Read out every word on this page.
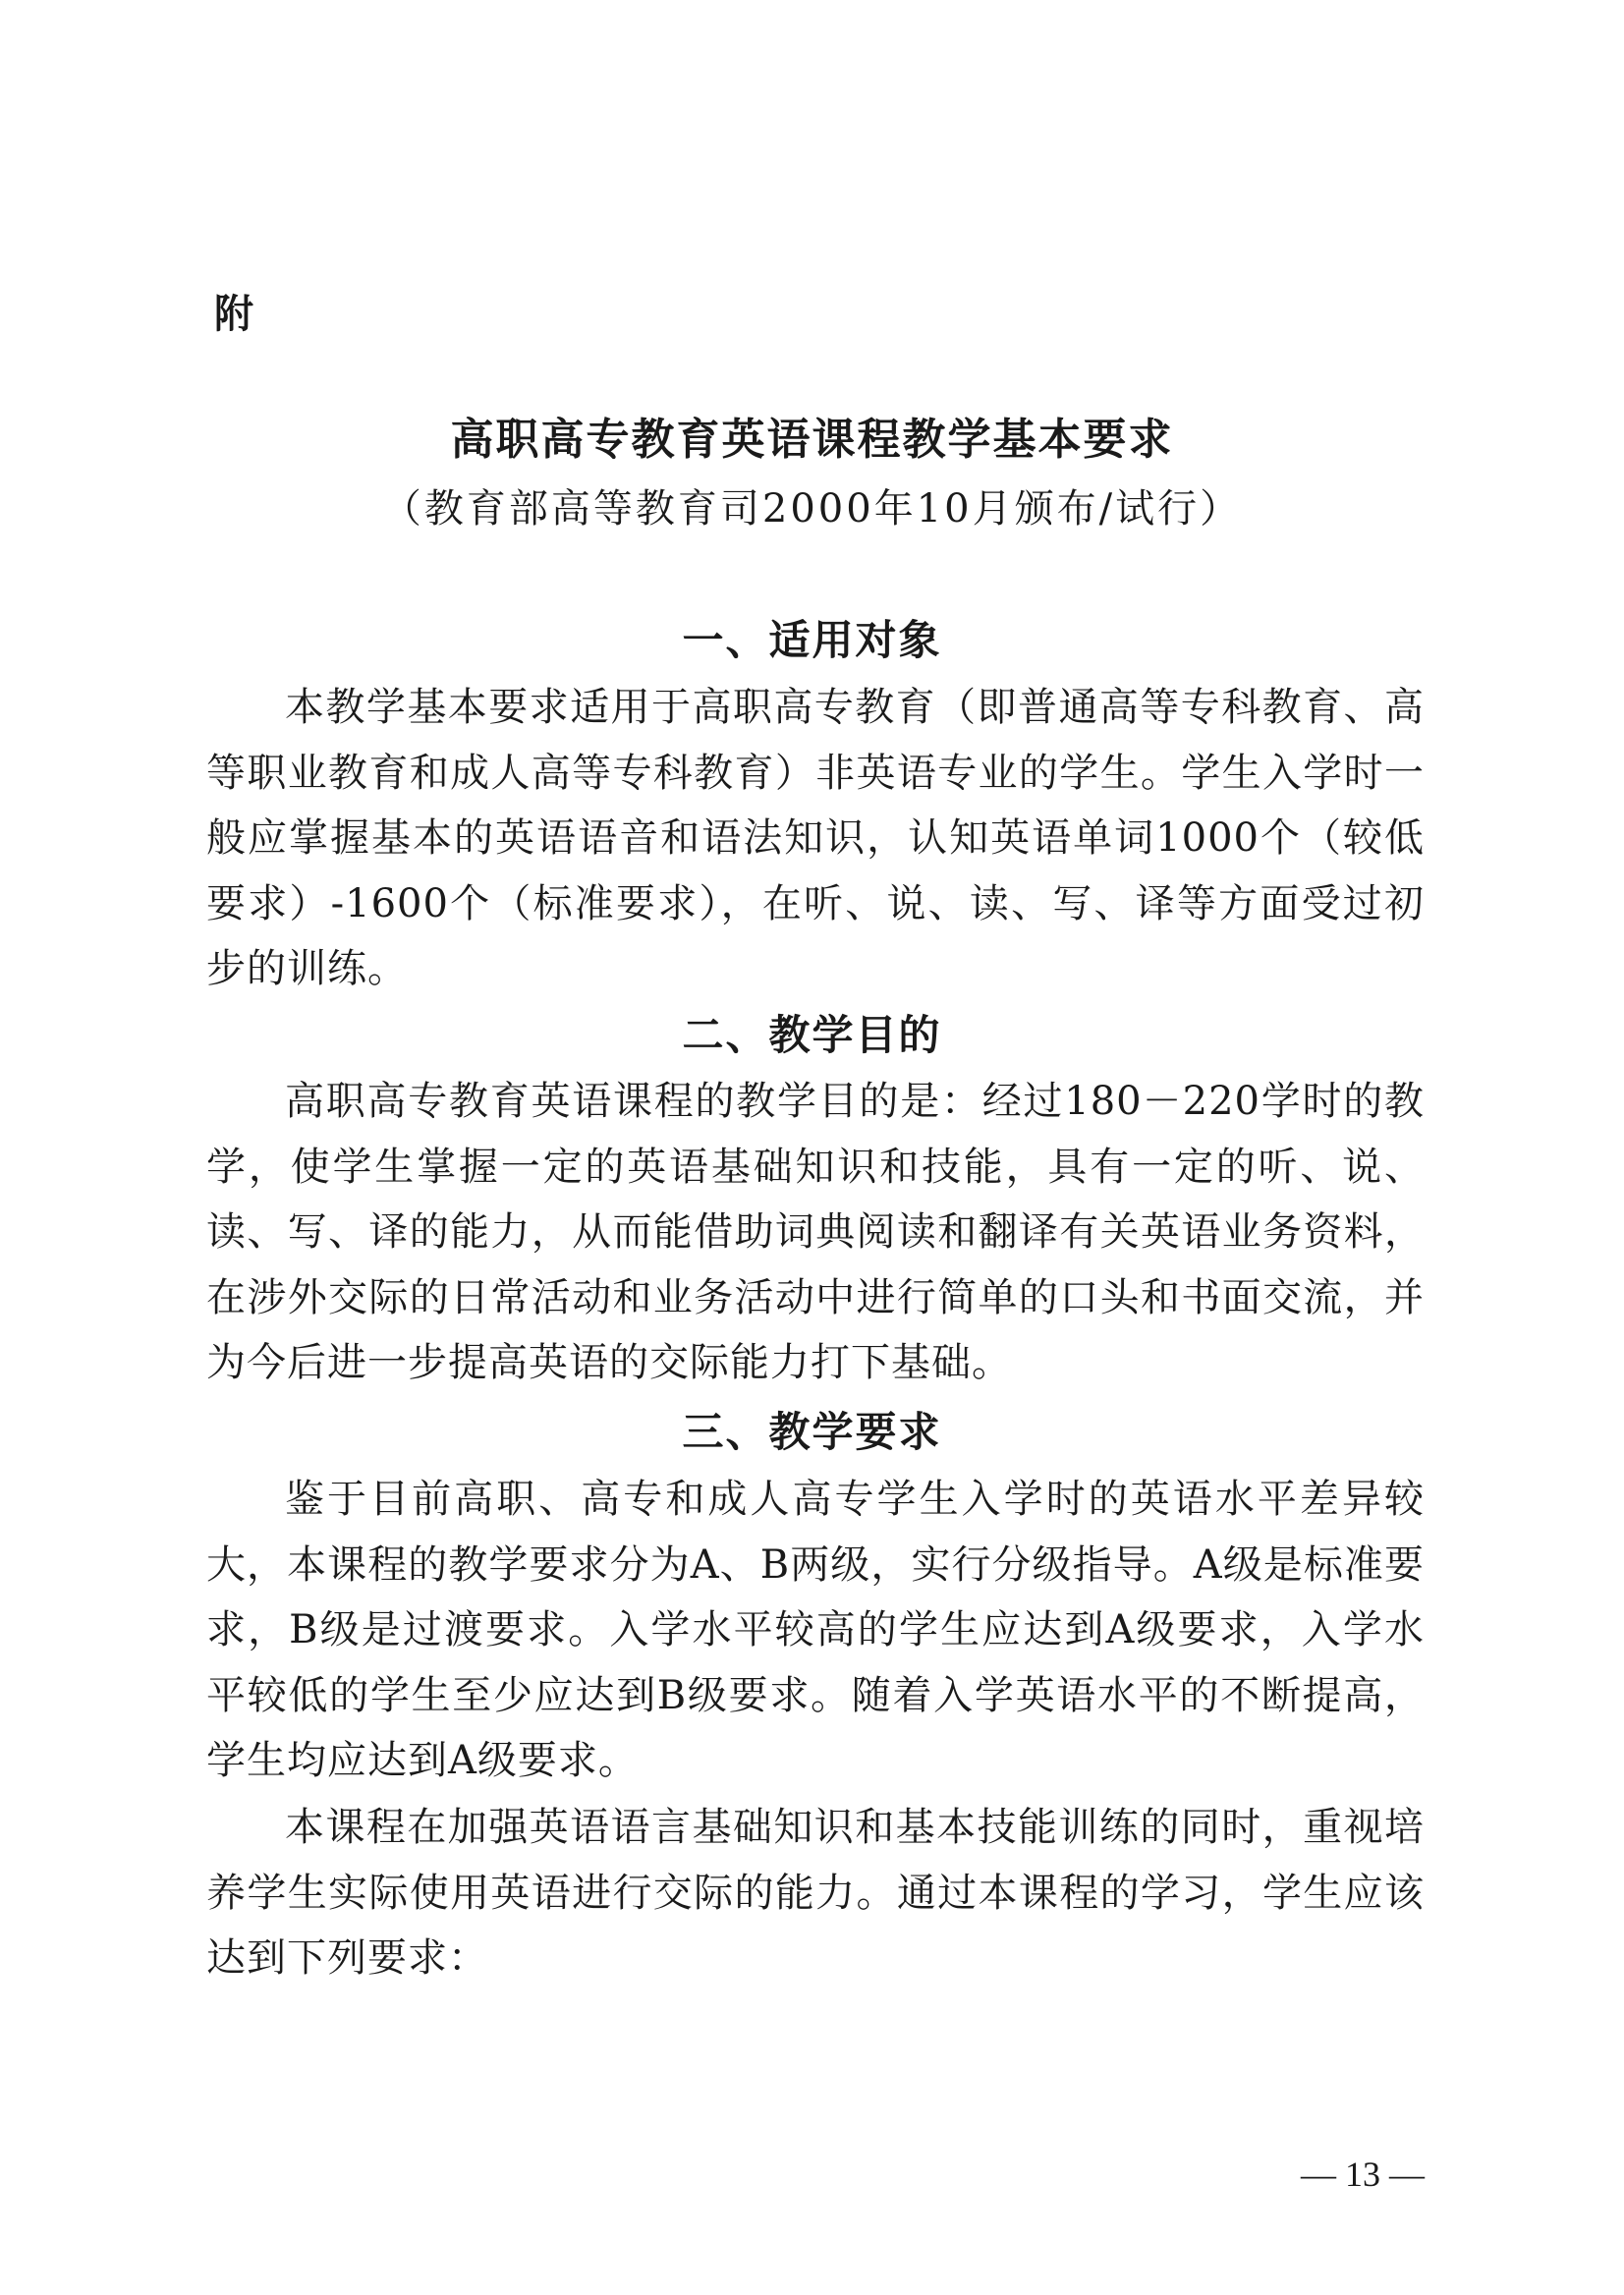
附
高职高专教育英语课程教学基本要求
（教育部高等教育司2000年10月颁布/试行）
一、适用对象

本教学基本要求适用于高职高专教育（即普通高等专科教育、高等职业教育和成人高等专科教育）非英语专业的学生。学生入学时一般应掌握基本的英语语音和语法知识，认知英语单词1000个（较低要求）-1600个（标准要求），在听、说、读、写、译等方面受过初步的训练。

二、教学目的

高职高专教育英语课程的教学目的是：经过180－220学时的教学，使学生掌握一定的英语基础知识和技能，具有一定的听、说、读、写、译的能力，从而能借助词典阅读和翻译有关英语业务资料，在涉外交际的日常活动和业务活动中进行简单的口头和书面交流，并为今后进一步提高英语的交际能力打下基础。

三、教学要求

鉴于目前高职、高专和成人高专学生入学时的英语水平差异较大，本课程的教学要求分为A、B两级，实行分级指导。A级是标准要求，B级是过渡要求。入学水平较高的学生应达到A级要求，入学水平较低的学生至少应达到B级要求。随着入学英语水平的不断提高，学生均应达到A级要求。

本课程在加强英语语言基础知识和基本技能训练的同时，重视培养学生实际使用英语进行交际的能力。通过本课程的学习，学生应该达到下列要求：

— 13 —
